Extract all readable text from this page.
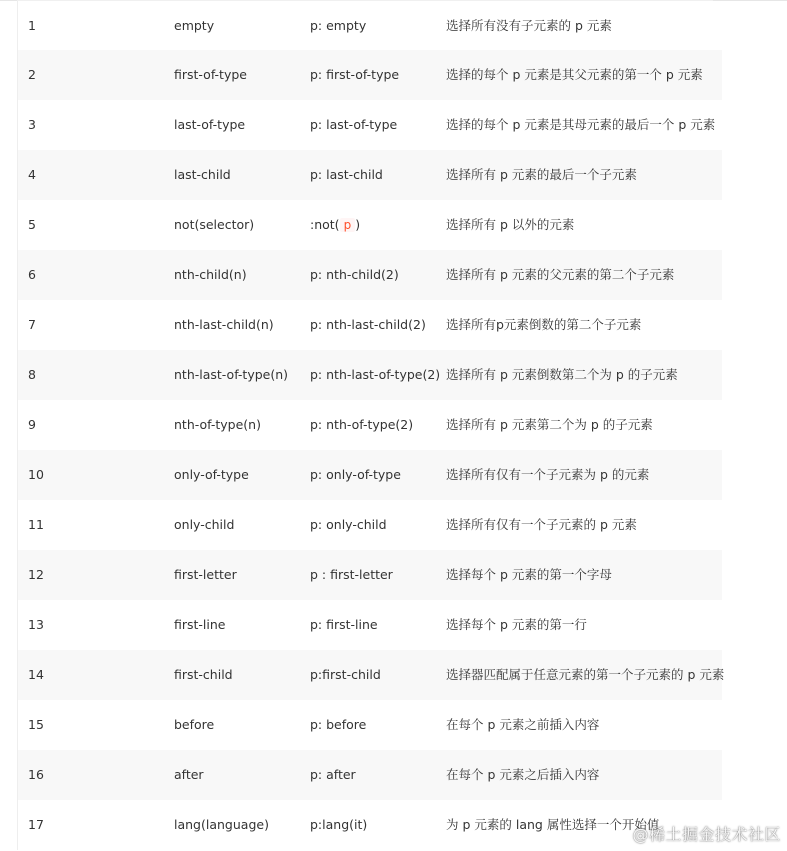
1	empty	p: empty	选择所有没有子元素的 p 元素
2	first-of-type	p: first-of-type	选择的每个 p 元素是其父元素的第一个 p 元素
3	last-of-type	p: last-of-type	选择的每个 p 元素是其母元素的最后一个 p 元素
4	last-child	p: last-child	选择所有 p 元素的最后一个子元素
5	not(selector)	:not( p )	选择所有 p 以外的元素
6	nth-child(n)	p: nth-child(2)	选择所有 p 元素的父元素的第二个子元素
7	nth-last-child(n)	p: nth-last-child(2)	选择所有p元素倒数的第二个子元素
8	nth-last-of-type(n)	p: nth-last-of-type(2)	选择所有 p 元素倒数第二个为 p 的子元素
9	nth-of-type(n)	p: nth-of-type(2)	选择所有 p 元素第二个为 p 的子元素
10	only-of-type	p: only-of-type	选择所有仅有一个子元素为 p 的元素
11	only-child	p: only-child	选择所有仅有一个子元素的 p 元素
12	first-letter	p : first-letter	选择每个 p 元素的第一个字母
13	first-line	p: first-line	选择每个 p 元素的第一行
14	first-child	p:first-child	选择器匹配属于任意元素的第一个子元素的 p 元素
15	before	p: before	在每个 p 元素之前插入内容
16	after	p: after	在每个 p 元素之后插入内容
17	lang(language)	p:lang(it)	为 p 元素的 lang 属性选择一个开始值
@稀土掘金技术社区
